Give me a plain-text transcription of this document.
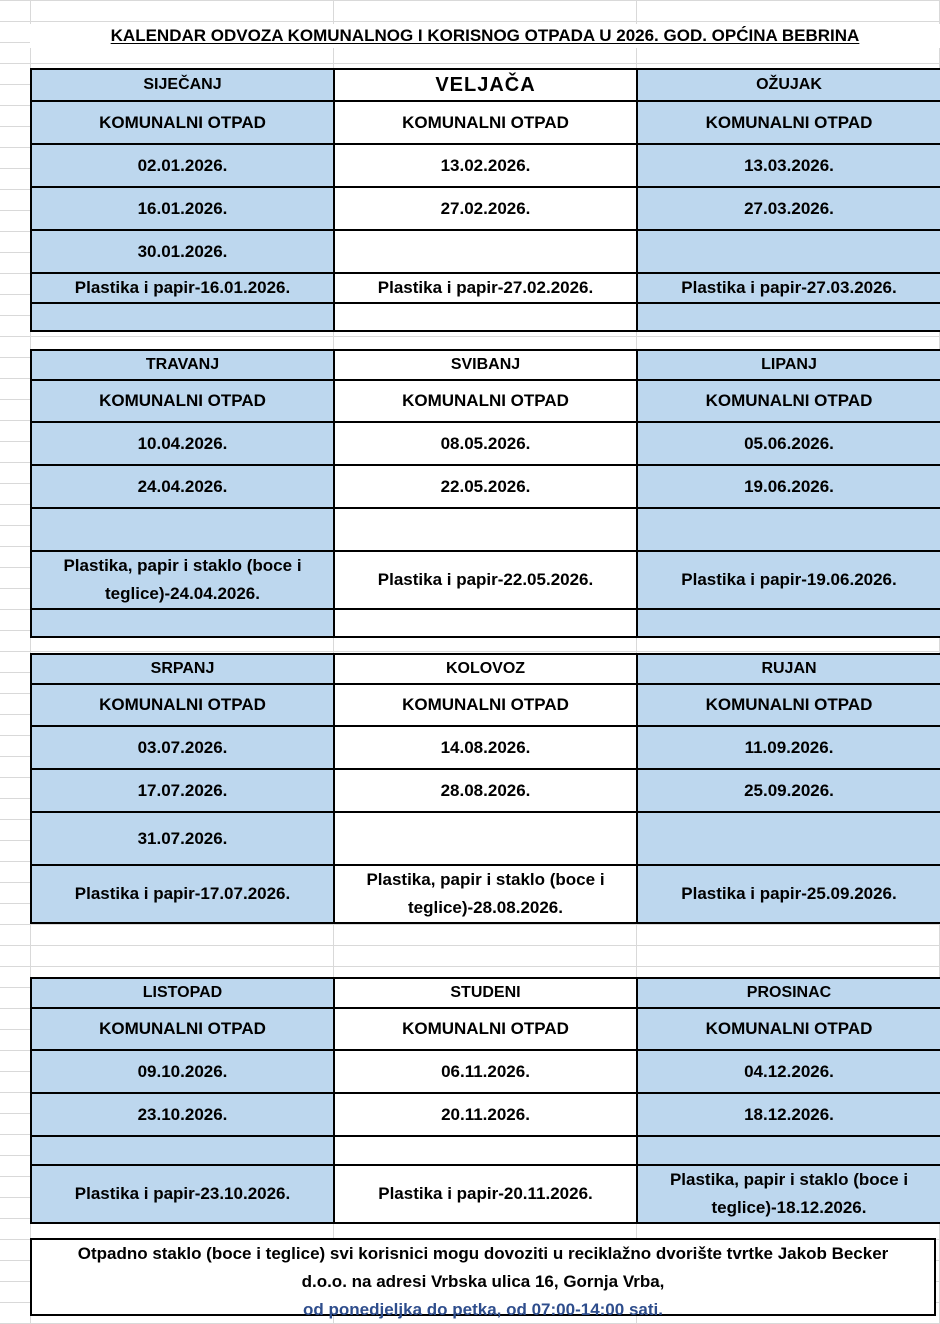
KALENDAR ODVOZA KOMUNALNOG I KORISNOG OTPADA U 2026. GOD. OPĆINA BEBRINA
SIJEČANJ	VELJAČA	OŽUJAK
KOMUNALNI OTPAD	KOMUNALNI OTPAD	KOMUNALNI OTPAD
02.01.2026.	13.02.2026.	13.03.2026.
16.01.2026.	27.02.2026.	27.03.2026.
30.01.2026.		
Plastika i papir-16.01.2026.	Plastika i papir-27.02.2026.	Plastika i papir-27.03.2026.

TRAVANJ	SVIBANJ	LIPANJ
KOMUNALNI OTPAD	KOMUNALNI OTPAD	KOMUNALNI OTPAD
10.04.2026.	08.05.2026.	05.06.2026.
24.04.2026.	22.05.2026.	19.06.2026.

Plastika, papir i staklo (boce i teglice)-24.04.2026.	Plastika i papir-22.05.2026.	Plastika i papir-19.06.2026.

SRPANJ	KOLOVOZ	RUJAN
KOMUNALNI OTPAD	KOMUNALNI OTPAD	KOMUNALNI OTPAD
03.07.2026.	14.08.2026.	11.09.2026.
17.07.2026.	28.08.2026.	25.09.2026.
31.07.2026.		
Plastika i papir-17.07.2026.	Plastika, papir i staklo (boce i teglice)-28.08.2026.	Plastika i papir-25.09.2026.
LISTOPAD	STUDENI	PROSINAC
KOMUNALNI OTPAD	KOMUNALNI OTPAD	KOMUNALNI OTPAD
09.10.2026.	06.11.2026.	04.12.2026.
23.10.2026.	20.11.2026.	18.12.2026.

Plastika i papir-23.10.2026.	Plastika i papir-20.11.2026.	Plastika, papir i staklo (boce i teglice)-18.12.2026.
Otpadno staklo (boce i teglice) svi korisnici mogu dovoziti u reciklažno dvorište tvrtke Jakob Becker
d.o.o. na adresi Vrbska ulica 16, Gornja Vrba,
od ponedjeljka do petka, od 07:00-14:00 sati.
